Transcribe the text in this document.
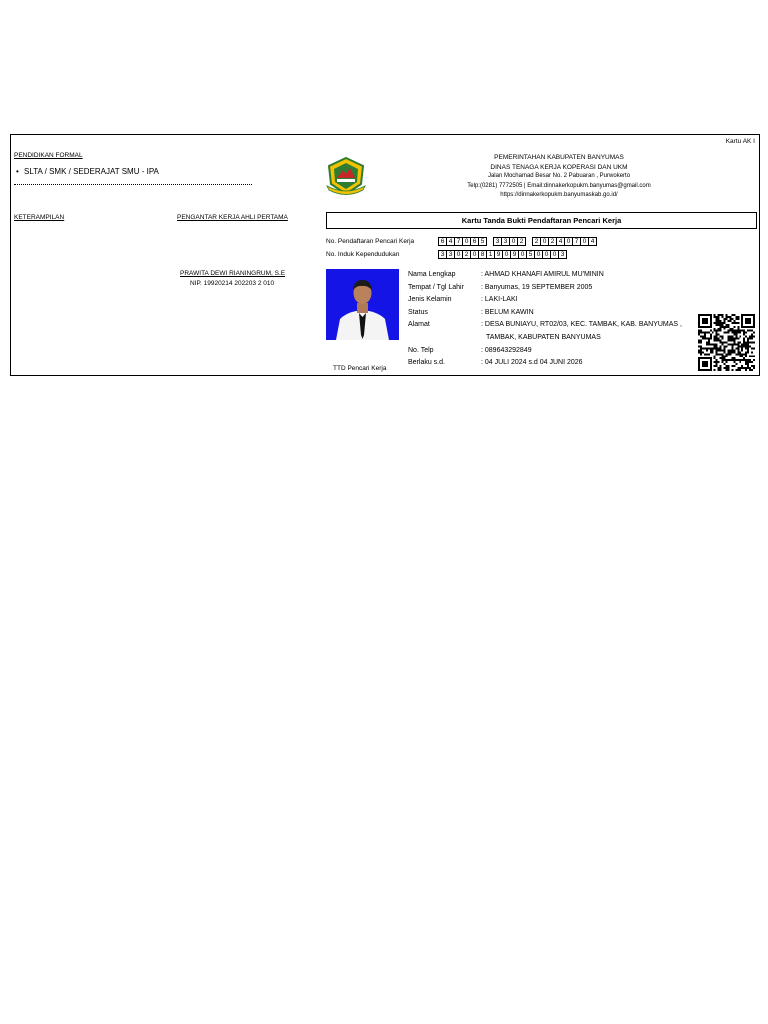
Kartu AK I
PENDIDIKAN FORMAL
• SLTA / SMK / SEDERAJAT SMU - IPA
KETERAMPILAN	PENGANTAR KERJA AHLI PERTAMA
PRAWITA DEWI RIANINGRUM, S.E
NIP. 19920214 202203 2 010
PEMERINTAHAN KABUPATEN BANYUMAS
DINAS TENAGA KERJA KOPERASI DAN UKM
Jalan Mochamad Besar No. 2 Pabuaran , Purwokerto
Telp:(0281) 7772505 | Email:dinnakerkopukm.banyumas@gmail.com
https://dinnakerkopukm.banyumaskab.go.id/
Kartu Tanda Bukti Pendaftaran Pencari Kerja
No. Pendaftaran Pencari Kerja	6 4 7 0 6 5	3 3 0 2	2 0 2 4 0 7 0 4
No. Induk Kependudukan	3 3 0 2 0 8 1 9 0 9 0 5 0 0 0 3
Nama Lengkap	: AHMAD KHANAFI AMIRUL MU'MININ
Tempat / Tgl Lahir : Banyumas, 19 SEPTEMBER 2005
Jenis Kelamin	: LAKI-LAKI
Status	: BELUM KAWIN
Alamat	: DESA BUNIAYU, RT02/03, KEC. TAMBAK, KAB. BANYUMAS ,
TAMBAK, KABUPATEN BANYUMAS
No. Telp	: 089643292849
Berlaku s.d.	: 04 JULI 2024 s.d 04 JUNI 2026
TTD Pencari Kerja
